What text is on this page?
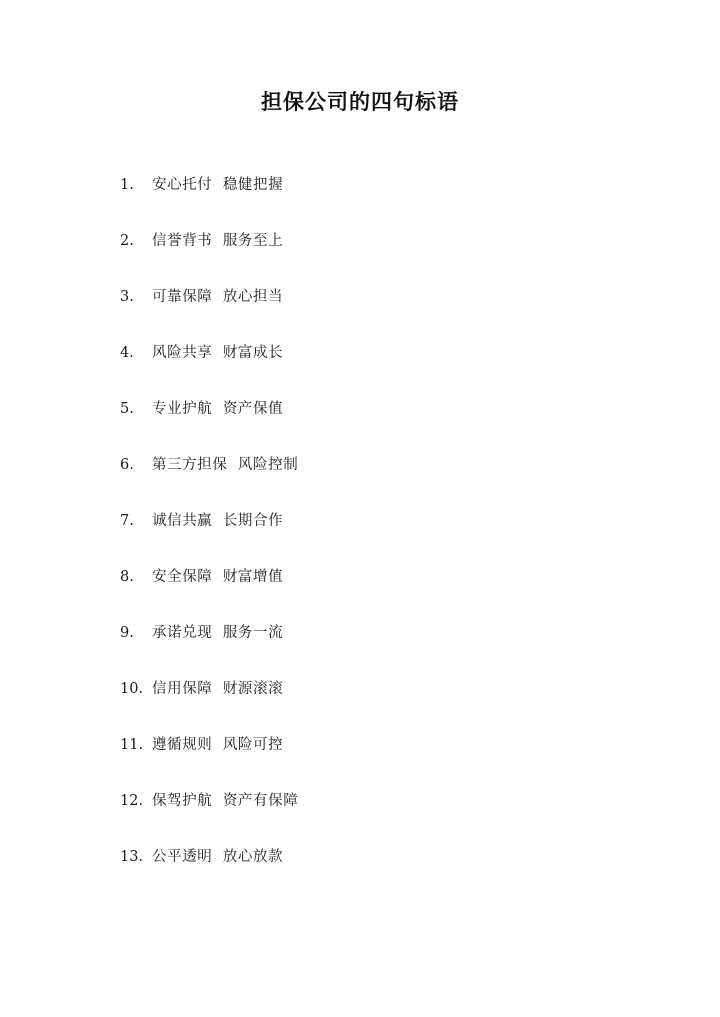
担保公司的四句标语
1.	安心托付  稳健把握
2.	信誉背书  服务至上
3.	可靠保障  放心担当
4.	风险共享  财富成长
5.	专业护航  资产保值
6.	第三方担保  风险控制
7.	诚信共赢  长期合作
8.	安全保障  财富增值
9.	承诺兑现  服务一流
10. 信用保障  财源滚滚
11. 遵循规则  风险可控
12. 保驾护航  资产有保障
13. 公平透明  放心放款
